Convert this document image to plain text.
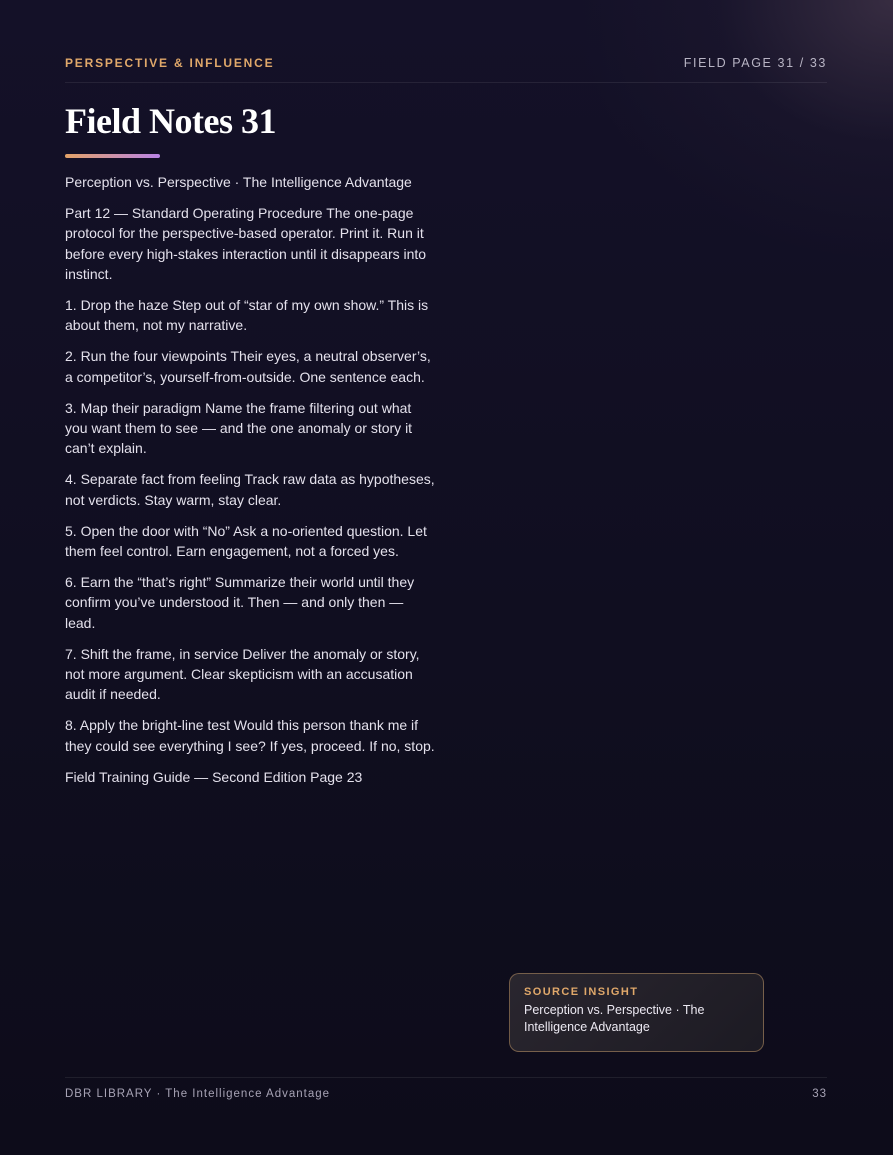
PERSPECTIVE & INFLUENCE	FIELD PAGE 31 / 33
Field Notes 31

Perception vs. Perspective · The Intelligence Advantage

Part 12 — Standard Operating Procedure The one-page protocol for the perspective-based operator. Print it. Run it before every high-stakes interaction until it disappears into instinct.

1. Drop the haze Step out of “star of my own show.” This is about them, not my narrative.

2. Run the four viewpoints Their eyes, a neutral observer’s, a competitor’s, yourself-from-outside. One sentence each.

3. Map their paradigm Name the frame filtering out what you want them to see — and the one anomaly or story it can’t explain.

4. Separate fact from feeling Track raw data as hypotheses, not verdicts. Stay warm, stay clear.

5. Open the door with “No” Ask a no-oriented question. Let them feel control. Earn engagement, not a forced yes.

6. Earn the “that’s right” Summarize their world until they confirm you’ve understood it. Then — and only then — lead.

7. Shift the frame, in service Deliver the anomaly or story, not more argument. Clear skepticism with an accusation audit if needed.

8. Apply the bright-line test Would this person thank me if they could see everything I see? If yes, proceed. If no, stop.

Field Training Guide — Second Edition Page 23

SOURCE INSIGHT
Perception vs. Perspective · The Intelligence Advantage
DBR LIBRARY · The Intelligence Advantage	33
